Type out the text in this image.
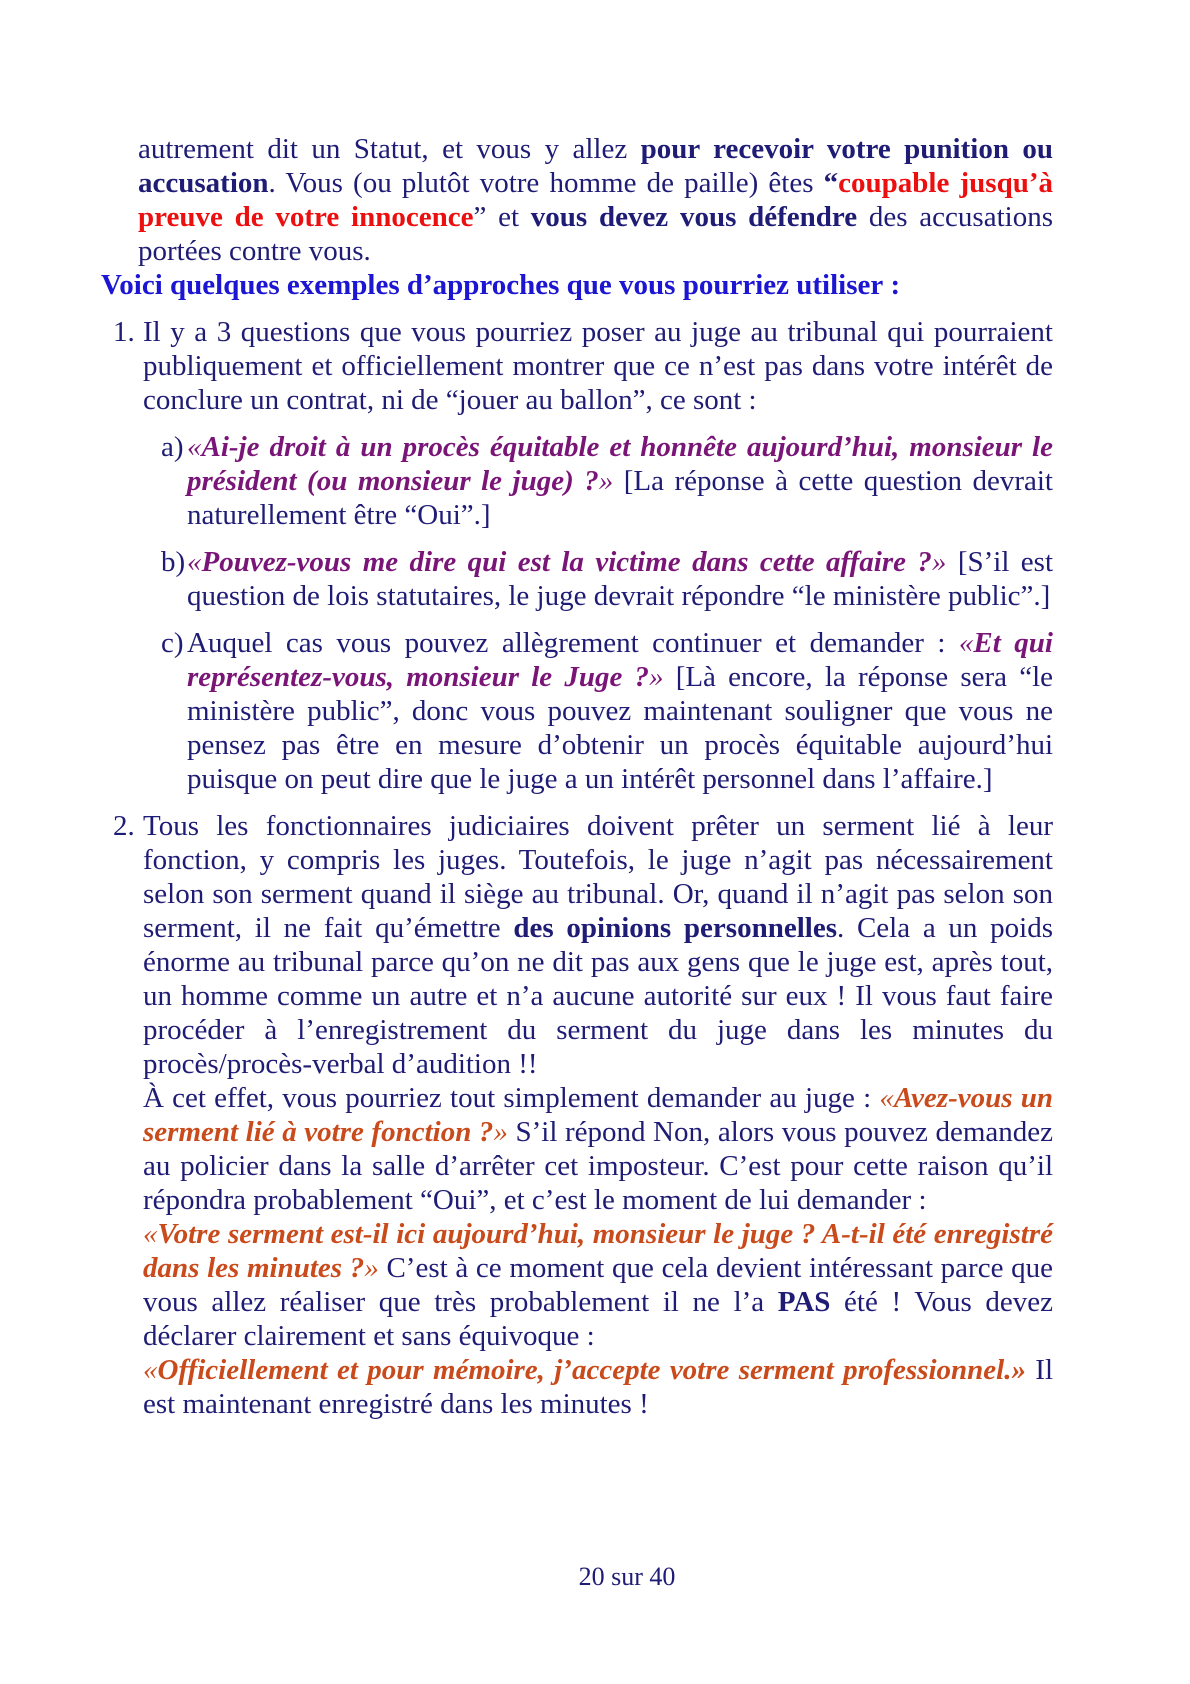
autrement dit un Statut, et vous y allez pour recevoir votre punition ou accusation. Vous (ou plutôt votre homme de paille) êtes “coupable jusqu’à preuve de votre innocence” et vous devez vous défendre des accusations portées contre vous.

Voici quelques exemples d’approches que vous pourriez utiliser :
1. Il y a 3 questions que vous pourriez poser au juge au tribunal qui pourraient publiquement et officiellement montrer que ce n’est pas dans votre intérêt de conclure un contrat, ni de “jouer au ballon”, ce sont :

a) «Ai-je droit à un procès équitable et honnête aujourd’hui, monsieur le président (ou monsieur le juge) ?» [La réponse à cette question devrait naturellement être “Oui”.]

b) «Pouvez-vous me dire qui est la victime dans cette affaire ?» [S’il est question de lois statutaires, le juge devrait répondre “le ministère public”.]

c) Auquel cas vous pouvez allègrement continuer et demander : «Et qui représentez-vous, monsieur le Juge ?» [Là encore, la réponse sera “le ministère public”, donc vous pouvez maintenant souligner que vous ne pensez pas être en mesure d’obtenir un procès équitable aujourd’hui puisque on peut dire que le juge a un intérêt personnel dans l’affaire.]

2. Tous les fonctionnaires judiciaires doivent prêter un serment lié à leur fonction, y compris les juges. Toutefois, le juge n’agit pas nécessairement selon son serment quand il siège au tribunal. Or, quand il n’agit pas selon son serment, il ne fait qu’émettre des opinions personnelles. Cela a un poids énorme au tribunal parce qu’on ne dit pas aux gens que le juge est, après tout, un homme comme un autre et n’a aucune autorité sur eux ! Il vous faut faire procéder à l’enregistrement du serment du juge dans les minutes du procès/procès-verbal d’audition !!

À cet effet, vous pourriez tout simplement demander au juge : «Avez-vous un serment lié à votre fonction ?» S’il répond Non, alors vous pouvez demandez au policier dans la salle d’arrêter cet imposteur. C’est pour cette raison qu’il répondra probablement “Oui”, et c’est le moment de lui demander :

«Votre serment est-il ici aujourd’hui, monsieur le juge ? A-t-il été enregistré dans les minutes ?» C’est à ce moment que cela devient intéressant parce que vous allez réaliser que très probablement il ne l’a PAS été ! Vous devez déclarer clairement et sans équivoque :

«Officiellement et pour mémoire, j’accepte votre serment professionnel.» Il est maintenant enregistré dans les minutes !

20 sur 40
